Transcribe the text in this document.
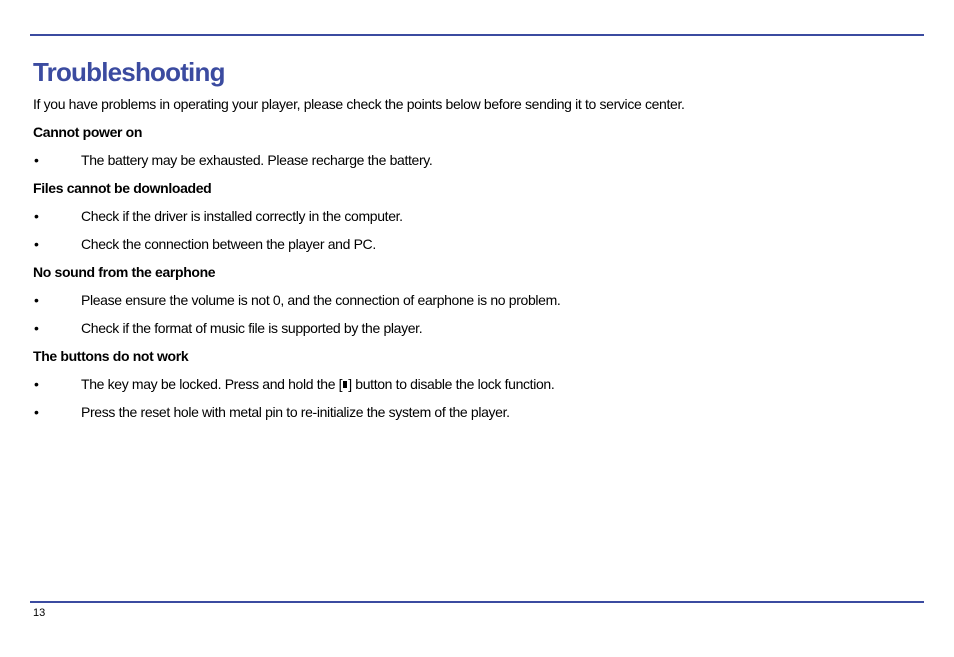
Troubleshooting

If you have problems in operating your player, please check the points below before sending it to service center.

Cannot power on

•	The battery may be exhausted. Please recharge the battery.

Files cannot be downloaded

•	Check if the driver is installed correctly in the computer.
•	Check the connection between the player and PC.

No sound from the earphone

•	Please ensure the volume is not 0, and the connection of earphone is no problem.
•	Check if the format of music file is supported by the player.

The buttons do not work

•	The key may be locked. Press and hold the [ ] button to disable the lock function.
•	Press the reset hole with metal pin to re-initialize the system of the player.
13
